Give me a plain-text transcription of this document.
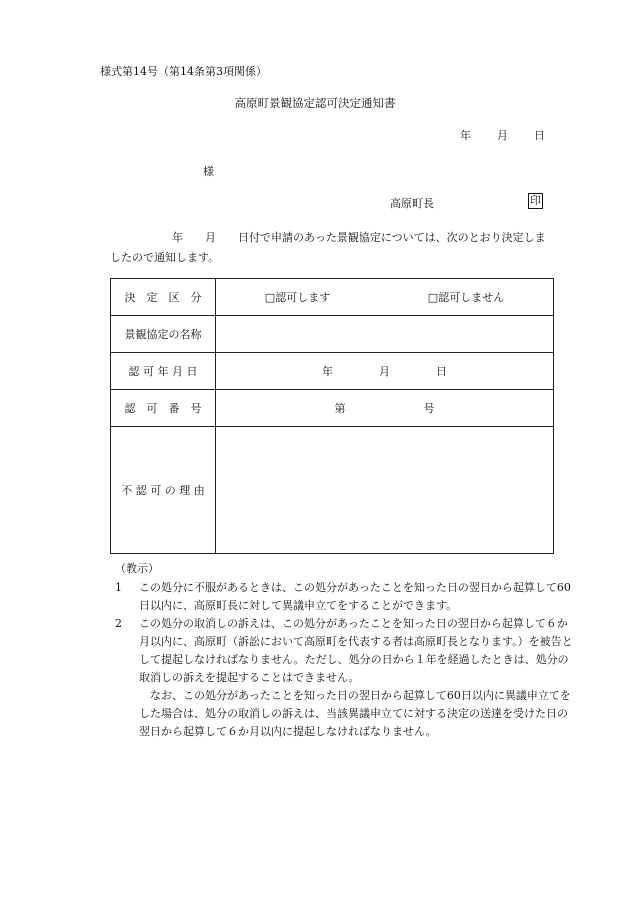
様式第14号（第14条第3項関係）
高原町景観協定認可決定通知書
年 月 日
様
高原町長	印
年　　月　　日付で申請のあった景観協定については、次のとおり決定しま
したので通知します。
決　定　区　分	□認可します □認可しません

景観協定の名称	
認 可 年 月 日	年 月 日

認　可　番　号	第 号

不 認 可 の 理 由	
（教示）
1	この処分に不服があるときは、この処分があったことを知った日の翌日から起算して60日以内に、高原町長に対して異議申立てをすることができます。
2	この処分の取消しの訴えは、この処分があったことを知った日の翌日から起算して６か月以内に、高原町（訴訟において高原町を代表する者は高原町長となります。）を被告として提起しなければなりません。ただし、処分の日から１年を経過したときは、処分の取消しの訴えを提起することはできません。
なお、この処分があったことを知った日の翌日から起算して60日以内に異議申立てをした場合は、処分の取消しの訴えは、当該異議申立てに対する決定の送達を受けた日の翌日から起算して６か月以内に提起しなければなりません。
